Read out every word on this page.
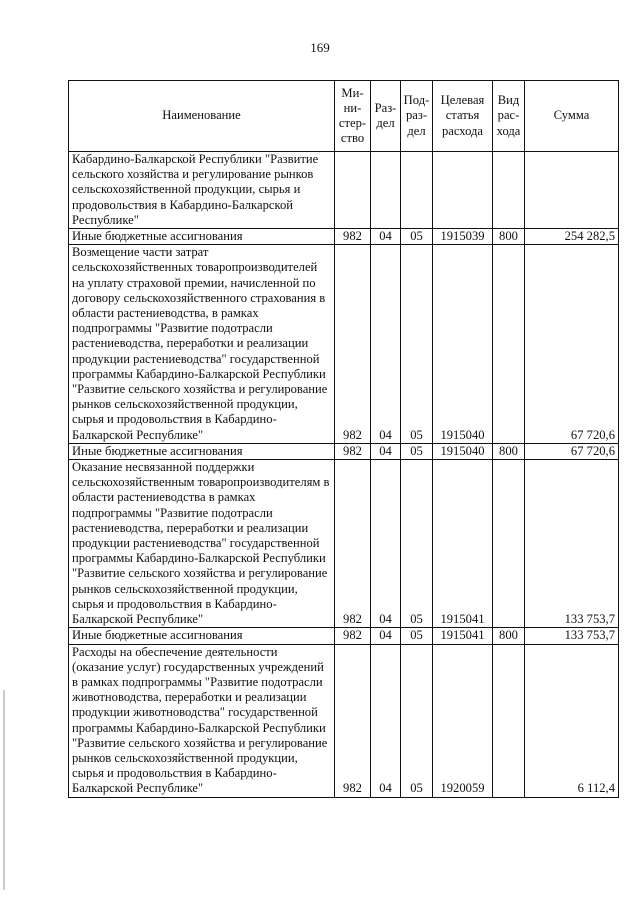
169
Наименование	Ми-ни-стер-ство	Раз-дел	Под-раз-дел	Целевая статья расхода	Вид рас-хода	Сумма
Кабардино-Балкарской Республики "Развитие сельского хозяйства и регулирование рынков сельскохозяйственной продукции, сырья и продовольствия в Кабардино-Балкарской Республике"						
Иные бюджетные ассигнования	982	04	05	1915039	800	254 282,5
Возмещение части затрат сельскохозяйственных товаропроизводителей на уплату страховой премии, начисленной по договору сельскохозяйственного страхования в области растениеводства, в рамках подпрограммы "Развитие подотрасли растениеводства, переработки и реализации продукции растениеводства" государственной программы Кабардино-Балкарской Республики "Развитие сельского хозяйства и регулирование рынков сельскохозяйственной продукции, сырья и продовольствия в Кабардино-Балкарской Республике"	982	04	05	1915040		67 720,6
Иные бюджетные ассигнования	982	04	05	1915040	800	67 720,6
Оказание несвязанной поддержки сельскохозяйственным товаропроизводителям в области растениеводства в рамках подпрограммы "Развитие подотрасли растениеводства, переработки и реализации продукции растениеводства" государственной программы Кабардино-Балкарской Республики "Развитие сельского хозяйства и регулирование рынков сельскохозяйственной продукции, сырья и продовольствия в Кабардино-Балкарской Республике"	982	04	05	1915041		133 753,7
Иные бюджетные ассигнования	982	04	05	1915041	800	133 753,7
Расходы на обеспечение деятельности (оказание услуг) государственных учреждений в рамках подпрограммы "Развитие подотрасли животноводства, переработки и реализации продукции животноводства" государственной программы Кабардино-Балкарской Республики "Развитие сельского хозяйства и регулирование рынков сельскохозяйственной продукции, сырья и продовольствия в Кабардино-Балкарской Республике"	982	04	05	1920059		6 112,4
